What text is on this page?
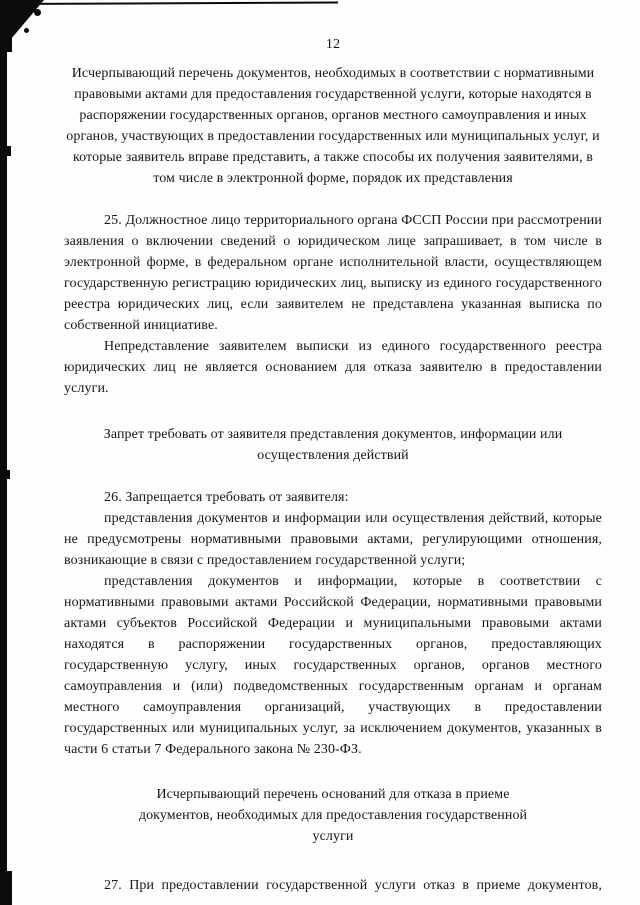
12

Исчерпывающий перечень документов, необходимых в соответствии с нормативными правовыми актами для предоставления государственной услуги, которые находятся в распоряжении государственных органов, органов местного самоуправления и иных органов, участвующих в предоставлении государственных или муниципальных услуг, и которые заявитель вправе представить, а также способы их получения заявителями, в том числе в электронной форме, порядок их представления

25. Должностное лицо территориального органа ФССП России при рассмотрении заявления о включении сведений о юридическом лице запрашивает, в том числе в электронной форме, в федеральном органе исполнительной власти, осуществляющем государственную регистрацию юридических лиц, выписку из единого государственного реестра юридических лиц, если заявителем не представлена указанная выписка по собственной инициативе.

Непредставление заявителем выписки из единого государственного реестра юридических лиц не является основанием для отказа заявителю в предоставлении услуги.

Запрет требовать от заявителя представления документов, информации или осуществления действий

26. Запрещается требовать от заявителя:

представления документов и информации или осуществления действий, которые не предусмотрены нормативными правовыми актами, регулирующими отношения, возникающие в связи с предоставлением государственной услуги;

представления документов и информации, которые в соответствии с нормативными правовыми актами Российской Федерации, нормативными правовыми актами субъектов Российской Федерации и муниципальными правовыми актами находятся в распоряжении государственных органов, предоставляющих государственную услугу, иных государственных органов, органов местного самоуправления и (или) подведомственных государственным органам и органам местного самоуправления организаций, участвующих в предоставлении государственных или муниципальных услуг, за исключением документов, указанных в части 6 статьи 7 Федерального закона № 230-ФЗ.

Исчерпывающий перечень оснований для отказа в приеме документов, необходимых для предоставления государственной услуги

27. При предоставлении государственной услуги отказ в приеме документов,
